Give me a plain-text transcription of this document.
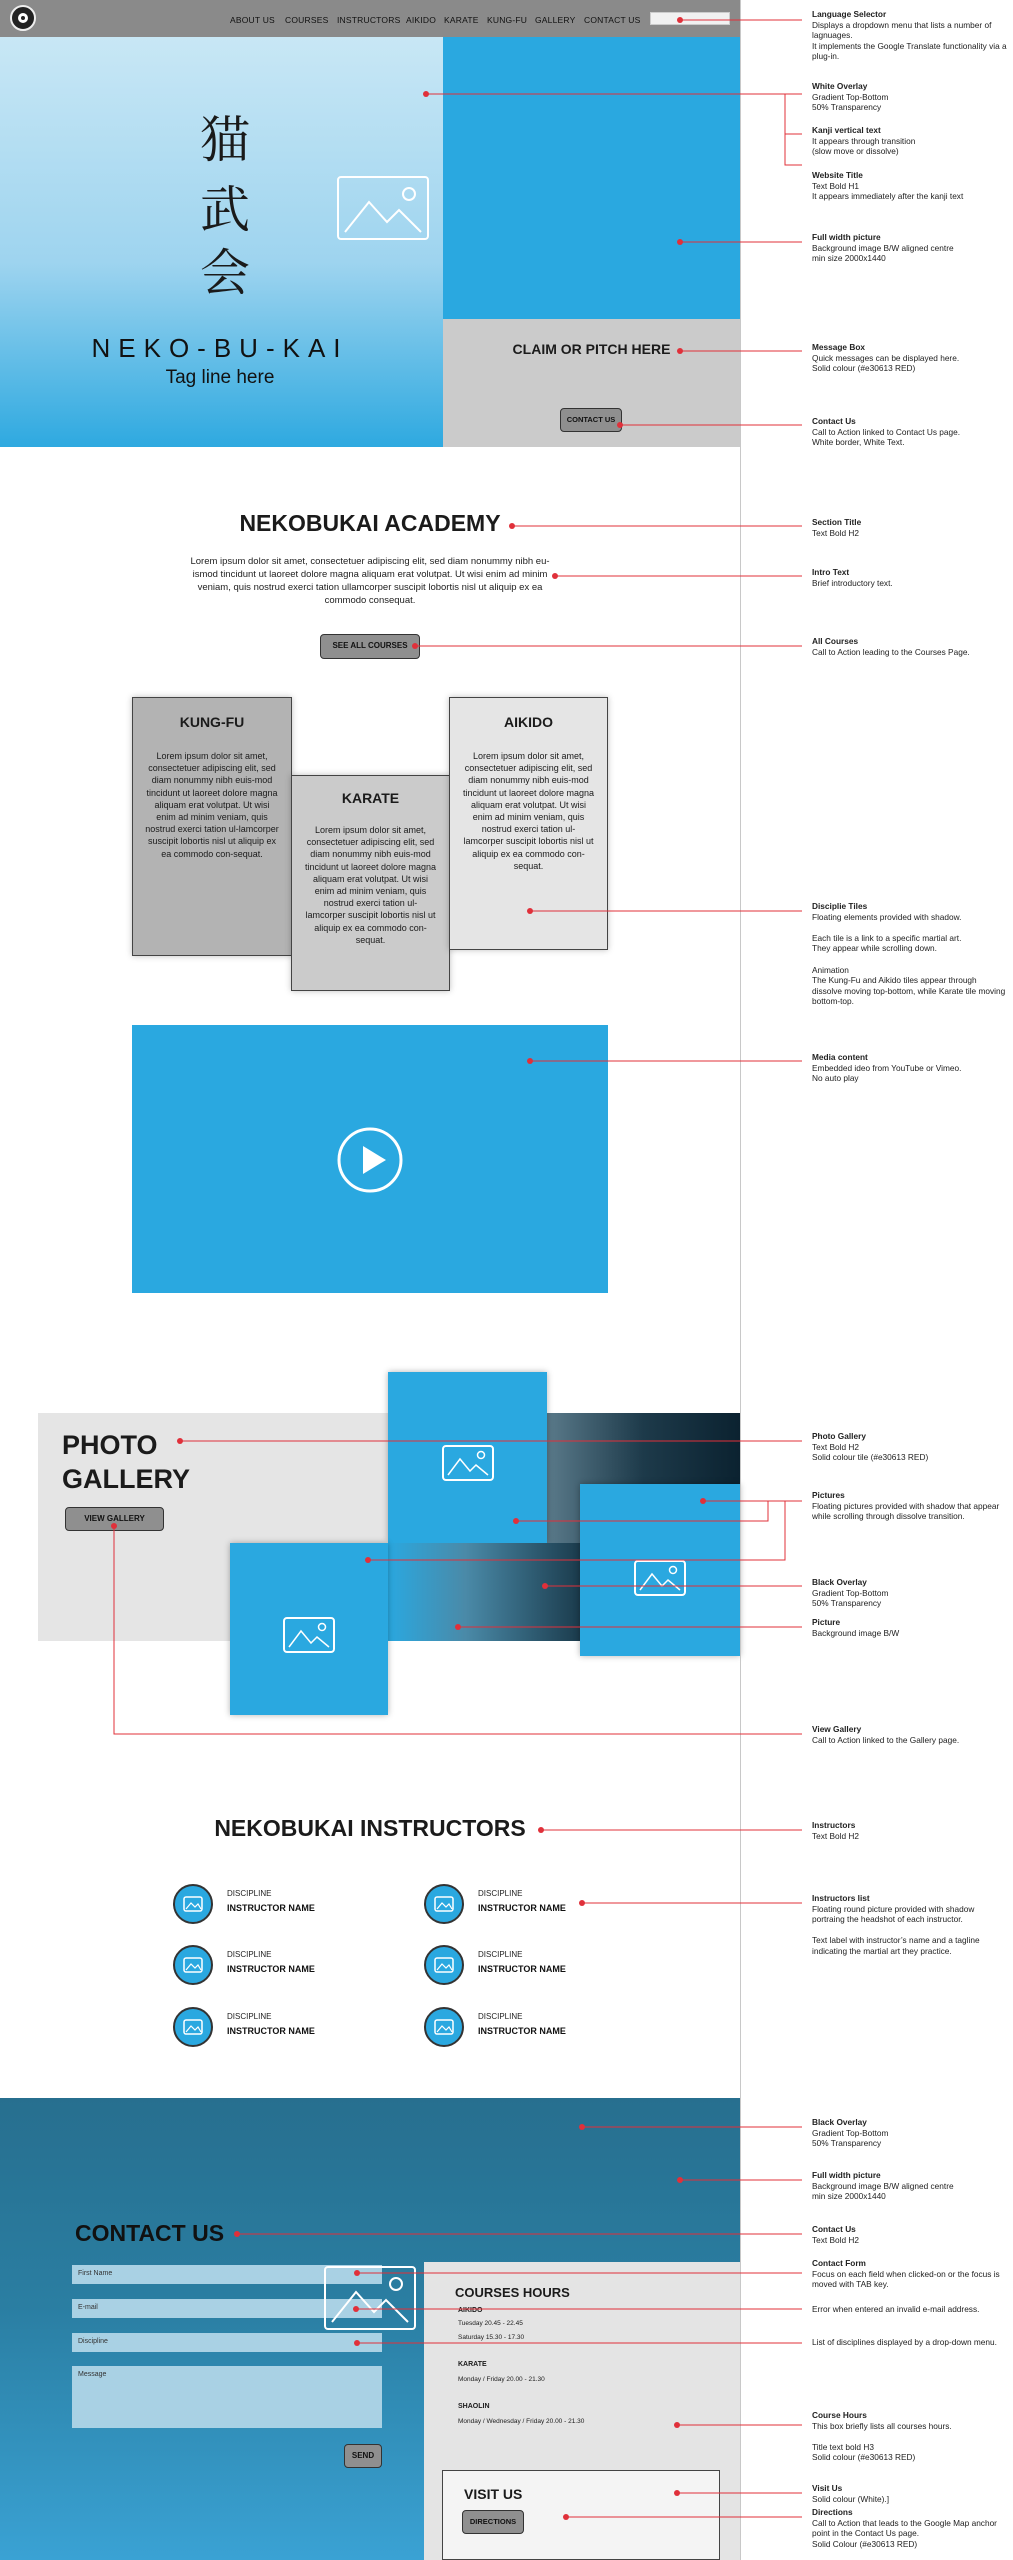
ABOUT US COURSES INSTRUCTORS AIKIDO KARATE KUNG-FU GALLERY CONTACT US
猫
武
会
NEKO-BU-KAI
Tag line here
CLAIM OR PITCH HERE
CONTACT US
NEKOBUKAI ACADEMY
Lorem ipsum dolor sit amet, consectetuer adipiscing elit, sed diam nonummy nibh eu-ismod tincidunt ut laoreet dolore magna aliquam erat volutpat. Ut wisi enim ad minim veniam, quis nostrud exerci tation ullamcorper suscipit lobortis nisl ut aliquip ex ea commodo consequat.
SEE ALL COURSES
KUNG-FU
Lorem ipsum dolor sit amet, consectetuer adipiscing elit, sed diam nonummy nibh euis-mod tincidunt ut laoreet dolore magna aliquam erat volutpat. Ut wisi enim ad minim veniam, quis nostrud exerci tation ul-lamcorper suscipit lobortis nisl ut aliquip ex ea commodo con-sequat.
KARATE
Lorem ipsum dolor sit amet, consectetuer adipiscing elit, sed diam nonummy nibh euis-mod tincidunt ut laoreet dolore magna aliquam erat volutpat. Ut wisi enim ad minim veniam, quis nostrud exerci tation ul-lamcorper suscipit lobortis nisl ut aliquip ex ea commodo con-sequat.
AIKIDO
Lorem ipsum dolor sit amet, consectetuer adipiscing elit, sed diam nonummy nibh euis-mod tincidunt ut laoreet dolore magna aliquam erat volutpat. Ut wisi enim ad minim veniam, quis nostrud exerci tation ul-lamcorper suscipit lobortis nisl ut aliquip ex ea commodo con-sequat.
PHOTO
GALLERY
VIEW GALLERY
NEKOBUKAI INSTRUCTORS
DISCIPLINE
INSTRUCTOR NAME
DISCIPLINE
INSTRUCTOR NAME
DISCIPLINE
INSTRUCTOR NAME
DISCIPLINE
INSTRUCTOR NAME
DISCIPLINE
INSTRUCTOR NAME
DISCIPLINE
INSTRUCTOR NAME
CONTACT US
First Name
E-mail
Discipline
Message
SEND
COURSES HOURS
AIKIDO
Tuesday 20.45 - 22.45
Saturday 15.30 - 17.30
KARATE
Monday / Friday 20.00 - 21.30
SHAOLIN
Monday / Wednesday / Friday 20.00 - 21.30
VISIT US
DIRECTIONS
Language Selector
Displays a dropdown menu that lists a number of lagnuages.
It implements the Google Translate functionality via a plug-in.
White Overlay
Gradient Top-Bottom
50% Transparency
Kanji vertical text
It appears through transition
(slow move or dissolve)
Website Title
Text Bold H1
It appears immediately after the kanji text
Full width picture
Background image B/W aligned centre
min size 2000x1440
Message Box
Quick messages can be displayed here.
Solid colour (#e30613 RED)
Contact Us
Call to Action linked to Contact Us page.
White border, White Text.
Section Title
Text Bold H2
Intro Text
Brief introductory text.
All Courses
Call to Action leading to the Courses Page.
Disciplie Tiles
Floating elements provided with shadow.

Each tile is a link to a specific martial art.
They appear while scrolling down.

Animation
The Kung-Fu and Aikido tiles appear through dissolve moving top-bottom, while Karate tile moving bottom-top.
Media content
Embedded ideo from YouTube or Vimeo.
No auto play
Photo Gallery
Text Bold H2
Solid colour tile (#e30613 RED)
Pictures
Floating pictures provided with shadow that appear while scrolling through dissolve transition.
Black Overlay
Gradient Top-Bottom
50% Transparency
Picture
Background image B/W
View Gallery
Call to Action linked to the Gallery page.
Instructors
Text Bold H2
Instructors list
Floating round picture provided with shadow portraing the headshot of each instructor.

Text label with instructor’s name and a tagline indicating the martial art they practice.
Black Overlay
Gradient Top-Bottom
50% Transparency
Full width picture
Background image B/W aligned centre
min size 2000x1440
Contact Us
Text Bold H2
Contact Form
Focus on each field when clicked-on or the focus is moved with TAB key.
Error when entered an invalid e-mail address.
List of disciplines displayed by a drop-down menu.
Course Hours
This box briefly lists all courses hours.

Title text bold H3
Solid colour (#e30613 RED)
Visit Us
Solid colour (White).]
Directions
Call to Action that leads to the Google Map anchor point in the Contact Us page.
Solid Colour (#e30613 RED)
